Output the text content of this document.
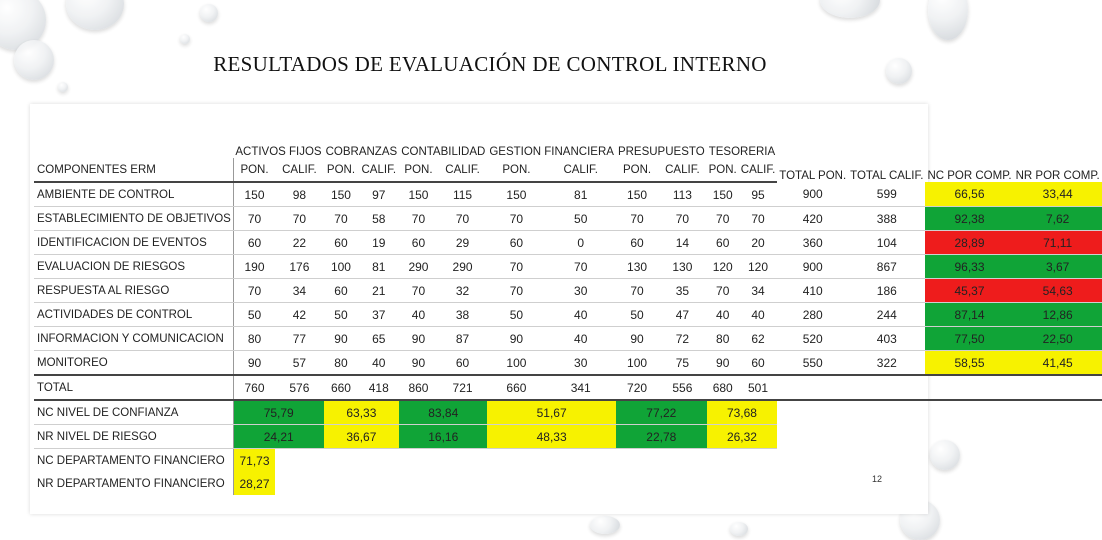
RESULTADOS DE EVALUACIÓN DE CONTROL INTERNO
	ACTIVOS FIJOS		COBRANZAS		CONTABILIDAD		GESTION FINANCIERA		PRESUPUESTO		TESORERIA		TOTAL PON.	TOTAL CALIF.	NC POR COMP.	NR POR COMP.
COMPONENTES ERM	PON.	CALIF.	PON.	CALIF.	PON.	CALIF.	PON.	CALIF.	PON.	CALIF.	PON.	CALIF.				
AMBIENTE DE CONTROL	150	98	150	97	150	115	150	81	150	113	150	95	900	599	66,56	33,44
ESTABLECIMIENTO DE OBJETIVOS	70	70	70	58	70	70	70	50	70	70	70	70	420	388	92,38	7,62
IDENTIFICACION DE EVENTOS	60	22	60	19	60	29	60	0	60	14	60	20	360	104	28,89	71,11
EVALUACION DE RIESGOS	190	176	100	81	290	290	70	70	130	130	120	120	900	867	96,33	3,67
RESPUESTA AL RIESGO	70	34	60	21	70	32	70	30	70	35	70	34	410	186	45,37	54,63
ACTIVIDADES DE CONTROL	50	42	50	37	40	38	50	40	50	47	40	40	280	244	87,14	12,86
INFORMACION Y COMUNICACION	80	77	90	65	90	87	90	40	90	72	80	62	520	403	77,50	22,50
MONITOREO	90	57	80	40	90	60	100	30	100	75	90	60	550	322	58,55	41,45
TOTAL	760	576	660	418	860	721	660	341	720	556	680	501				
NC NIVEL DE CONFIANZA	75,79		63,33		83,84		51,67		77,22		73,68					
NR NIVEL DE RIESGO	24,21		36,67		16,16		48,33		22,78		26,32					
NC DEPARTAMENTO FINANCIERO	71,73															
NR DEPARTAMENTO FINANCIERO	28,27																12
